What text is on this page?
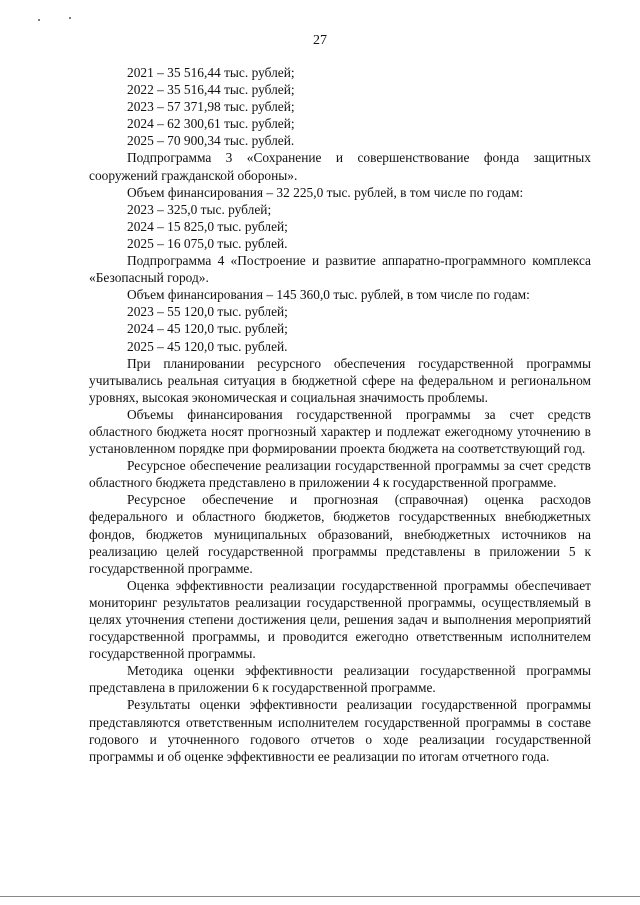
27

2021 – 35 516,44 тыс. рублей;

2022 – 35 516,44 тыс. рублей;

2023 – 57 371,98 тыс. рублей;

2024 – 62 300,61 тыс. рублей;

2025 – 70 900,34 тыс. рублей.

Подпрограмма 3 «Сохранение и совершенствование фонда защитных сооружений гражданской обороны».

Объем финансирования – 32 225,0 тыс. рублей, в том числе по годам:

2023 – 325,0 тыс. рублей;

2024 – 15 825,0 тыс. рублей;

2025 – 16 075,0 тыс. рублей.

Подпрограмма 4 «Построение и развитие аппаратно-программного комплекса «Безопасный город».

Объем финансирования – 145 360,0 тыс. рублей, в том числе по годам:

2023 – 55 120,0 тыс. рублей;

2024 – 45 120,0 тыс. рублей;

2025 – 45 120,0 тыс. рублей.

При планировании ресурсного обеспечения государственной программы учитывались реальная ситуация в бюджетной сфере на федеральном и региональном уровнях, высокая экономическая и социальная значимость проблемы.

Объемы финансирования государственной программы за счет средств областного бюджета носят прогнозный характер и подлежат ежегодному уточнению в установленном порядке при формировании проекта бюджета на соответствующий год.

Ресурсное обеспечение реализации государственной программы за счет средств областного бюджета представлено в приложении 4 к государственной программе.

Ресурсное обеспечение и прогнозная (справочная) оценка расходов федерального и областного бюджетов, бюджетов государственных внебюджетных фондов, бюджетов муниципальных образований, внебюджетных источников на реализацию целей государственной программы представлены в приложении 5 к государственной программе.

Оценка эффективности реализации государственной программы обеспечивает мониторинг результатов реализации государственной программы, осуществляемый в целях уточнения степени достижения цели, решения задач и выполнения мероприятий государственной программы, и проводится ежегодно ответственным исполнителем государственной программы.

Методика оценки эффективности реализации государственной программы представлена в приложении 6 к государственной программе.

Результаты оценки эффективности реализации государственной программы представляются ответственным исполнителем государственной программы в составе годового и уточненного годового отчетов о ходе реализации государственной программы и об оценке эффективности ее реализации по итогам отчетного года.
